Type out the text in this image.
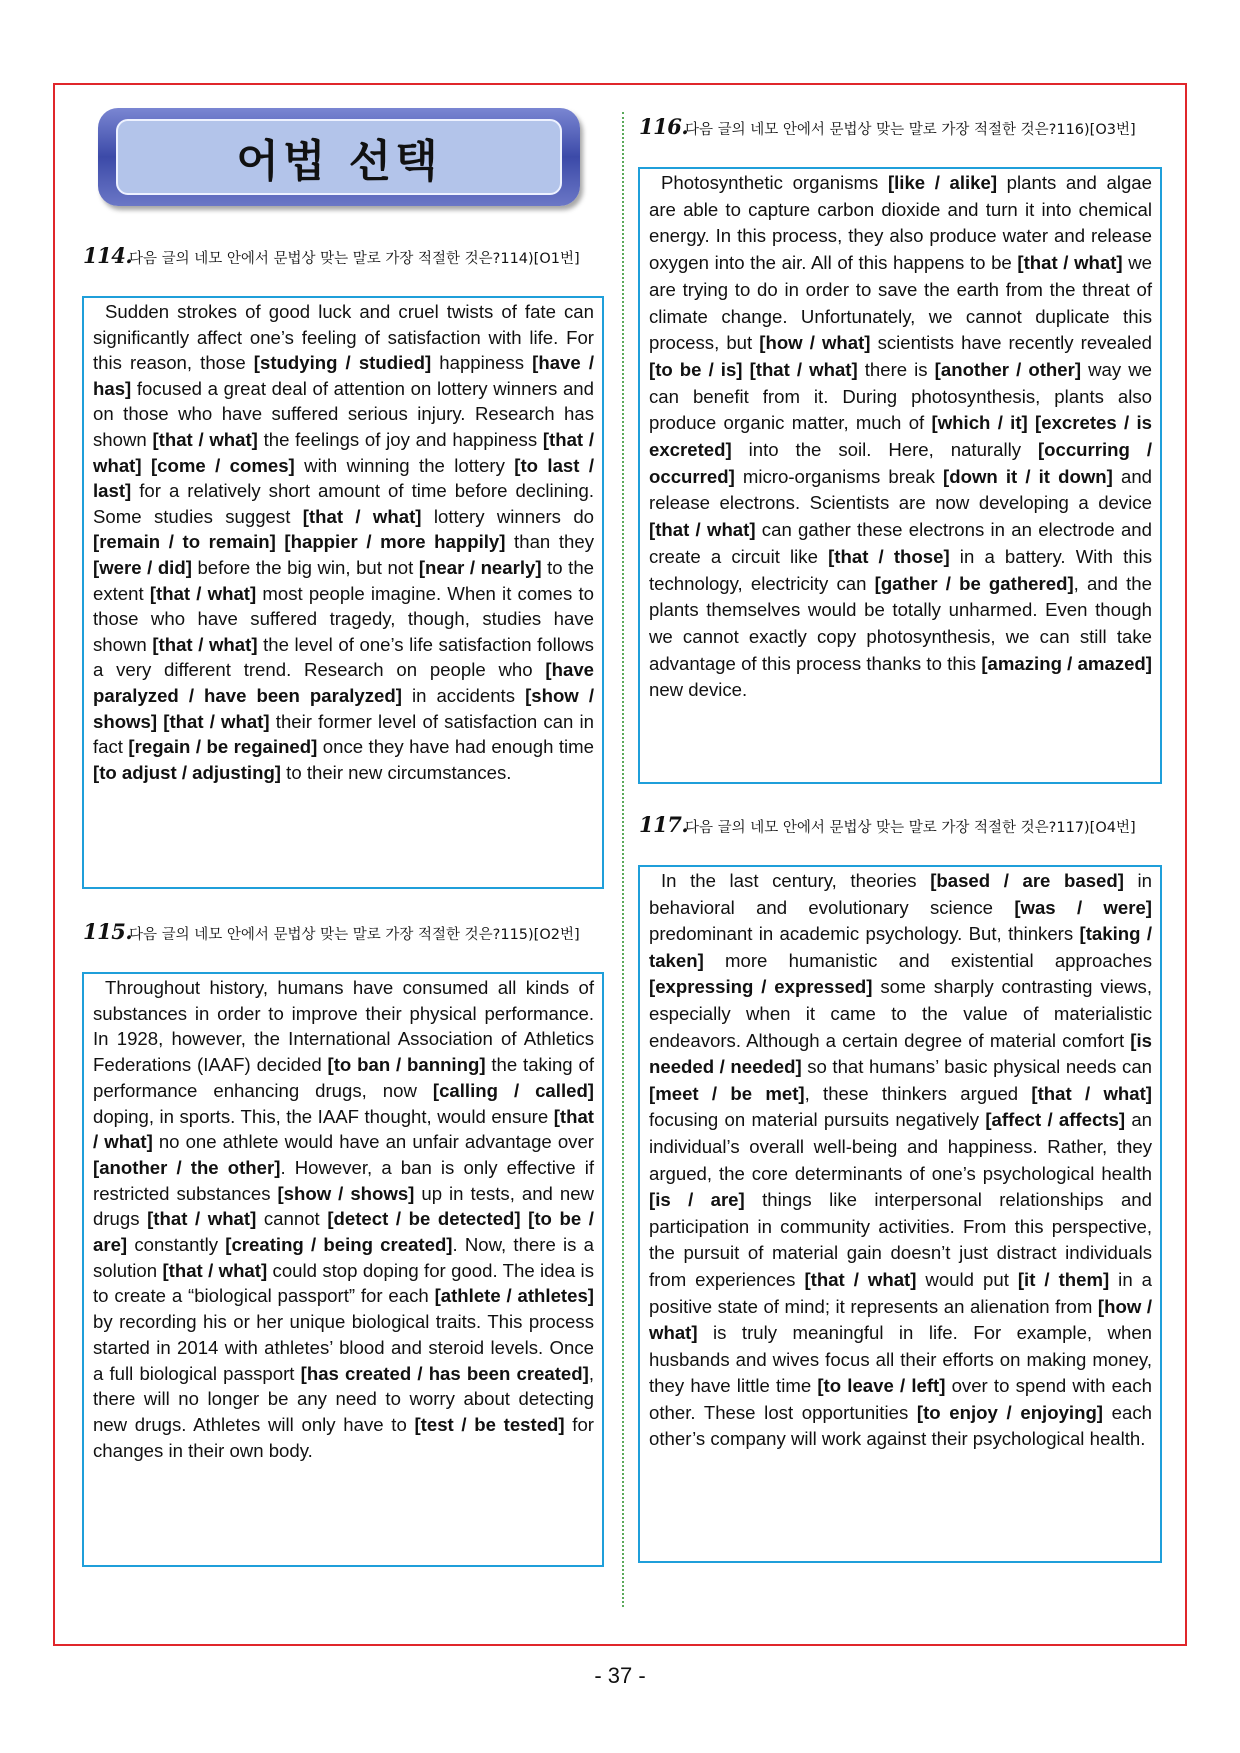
어법 선택
114.다음 글의 네모 안에서 문법상 맞는 말로 가장 적절한 것은?114)[O1번]

Sudden strokes of good luck and cruel twists of fate can significantly affect one’s feeling of satisfaction with life. For this reason, those [studying / studied] happiness [have / has] focused a great deal of attention on lottery winners and on those who have suffered serious injury. Research has shown [that / what] the feelings of joy and happiness [that / what] [come / comes] with winning the lottery [to last / last] for a relatively short amount of time before declining. Some studies suggest [that / what] lottery winners do [remain / to remain] [happier / more happily] than they [were / did] before the big win, but not [near / nearly] to the extent [that / what] most people imagine. When it comes to those who have suffered tragedy, though, studies have shown [that / what] the level of one’s life satisfaction follows a very different trend. Research on people who [have paralyzed / have been paralyzed] in accidents [show / shows] [that / what] their former level of satisfaction can in fact [regain / be regained] once they have had enough time [to adjust / adjusting] to their new circumstances.

115.다음 글의 네모 안에서 문법상 맞는 말로 가장 적절한 것은?115)[O2번]

Throughout history, humans have consumed all kinds of substances in order to improve their physical performance. In 1928, however, the International Association of Athletics Federations (IAAF) decided [to ban / banning] the taking of performance enhancing drugs, now [calling / called] doping, in sports. This, the IAAF thought, would ensure [that / what] no one athlete would have an unfair advantage over [another / the other]. However, a ban is only effective if restricted substances [show / shows] up in tests, and new drugs [that / what] cannot [detect / be detected] [to be / are] constantly [creating / being created]. Now, there is a solution [that / what] could stop doping for good. The idea is to create a “biological passport” for each [athlete / athletes] by recording his or her unique biological traits. This process started in 2014 with athletes’ blood and steroid levels. Once a full biological passport [has created / has been created], there will no longer be any need to worry about detecting new drugs. Athletes will only have to [test / be tested] for changes in their own body.

116.다음 글의 네모 안에서 문법상 맞는 말로 가장 적절한 것은?116)[O3번]

Photosynthetic organisms [like / alike] plants and algae are able to capture carbon dioxide and turn it into chemical energy. In this process, they also produce water and release oxygen into the air. All of this happens to be [that / what] we are trying to do in order to save the earth from the threat of climate change. Unfortunately, we cannot duplicate this process, but [how / what] scientists have recently revealed [to be / is] [that / what] there is [another / other] way we can benefit from it. During photosynthesis, plants also produce organic matter, much of [which / it] [excretes / is excreted] into the soil. Here, naturally [occurring / occurred] micro-organisms break [down it / it down] and release electrons. Scientists are now developing a device [that / what] can gather these electrons in an electrode and create a circuit like [that / those] in a battery. With this technology, electricity can [gather / be gathered], and the plants themselves would be totally unharmed. Even though we cannot exactly copy photosynthesis, we can still take advantage of this process thanks to this [amazing / amazed] new device.

117.다음 글의 네모 안에서 문법상 맞는 말로 가장 적절한 것은?117)[O4번]

In the last century, theories [based / are based] in behavioral and evolutionary science [was / were] predominant in academic psychology. But, thinkers [taking / taken] more humanistic and existential approaches [expressing / expressed] some sharply contrasting views, especially when it came to the value of materialistic endeavors. Although a certain degree of material comfort [is needed / needed] so that humans’ basic physical needs can [meet / be met], these thinkers argued [that / what] focusing on material pursuits negatively [affect / affects] an individual’s overall well-being and happiness. Rather, they argued, the core determinants of one’s psychological health [is / are] things like interpersonal relationships and participation in community activities. From this perspective, the pursuit of material gain doesn’t just distract individuals from experiences [that / what] would put [it / them] in a positive state of mind; it represents an alienation from [how / what] is truly meaningful in life. For example, when husbands and wives focus all their efforts on making money, they have little time [to leave / left] over to spend with each other. These lost opportunities [to enjoy / enjoying] each other’s company will work against their psychological health.

- 37 -
